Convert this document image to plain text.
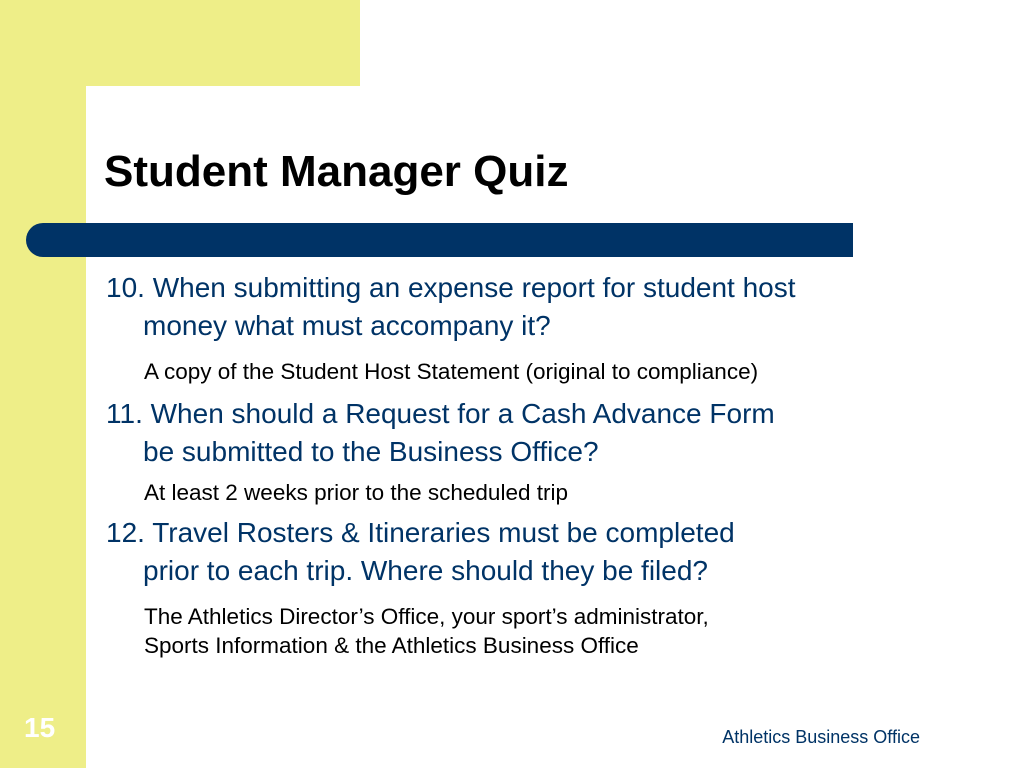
Student Manager Quiz

10. When submitting an expense report for student host
money what must accompany it?

A copy of the Student Host Statement (original to compliance)

11. When should a Request for a Cash Advance Form
be submitted to the Business Office?

At least 2 weeks prior to the scheduled trip

12. Travel Rosters & Itineraries must be completed
prior to each trip. Where should they be filed?

The Athletics Director’s Office, your sport’s administrator,
Sports Information & the Athletics Business Office

15	Athletics Business Office
